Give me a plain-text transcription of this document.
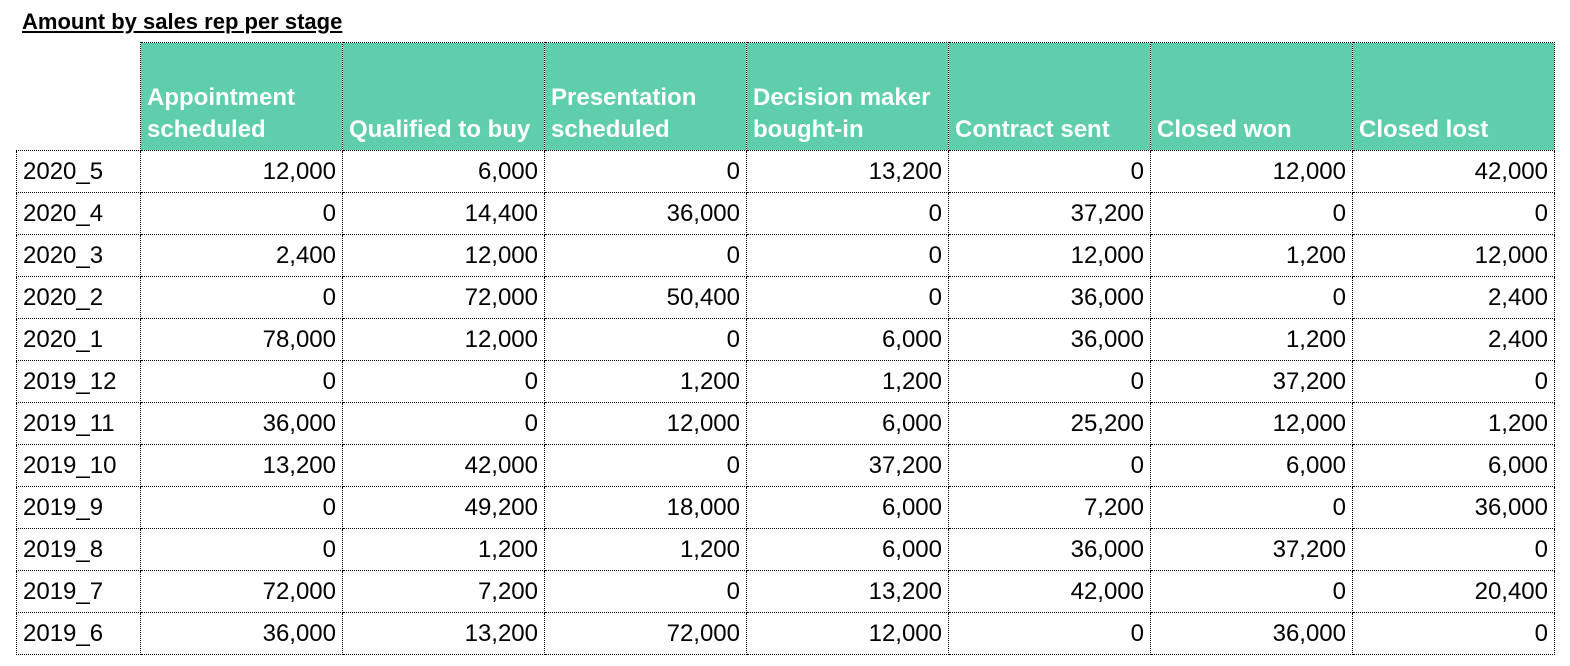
Amount by sales rep per stage
	Appointment scheduled	Qualified to buy	Presentation scheduled	Decision maker bought-in	Contract sent	Closed won	Closed lost
2020_5	12,000	6,000	0	13,200	0	12,000	42,000
2020_4	0	14,400	36,000	0	37,200	0	0
2020_3	2,400	12,000	0	0	12,000	1,200	12,000
2020_2	0	72,000	50,400	0	36,000	0	2,400
2020_1	78,000	12,000	0	6,000	36,000	1,200	2,400
2019_12	0	0	1,200	1,200	0	37,200	0
2019_11	36,000	0	12,000	6,000	25,200	12,000	1,200
2019_10	13,200	42,000	0	37,200	0	6,000	6,000
2019_9	0	49,200	18,000	6,000	7,200	0	36,000
2019_8	0	1,200	1,200	6,000	36,000	37,200	0
2019_7	72,000	7,200	0	13,200	42,000	0	20,400
2019_6	36,000	13,200	72,000	12,000	0	36,000	0
